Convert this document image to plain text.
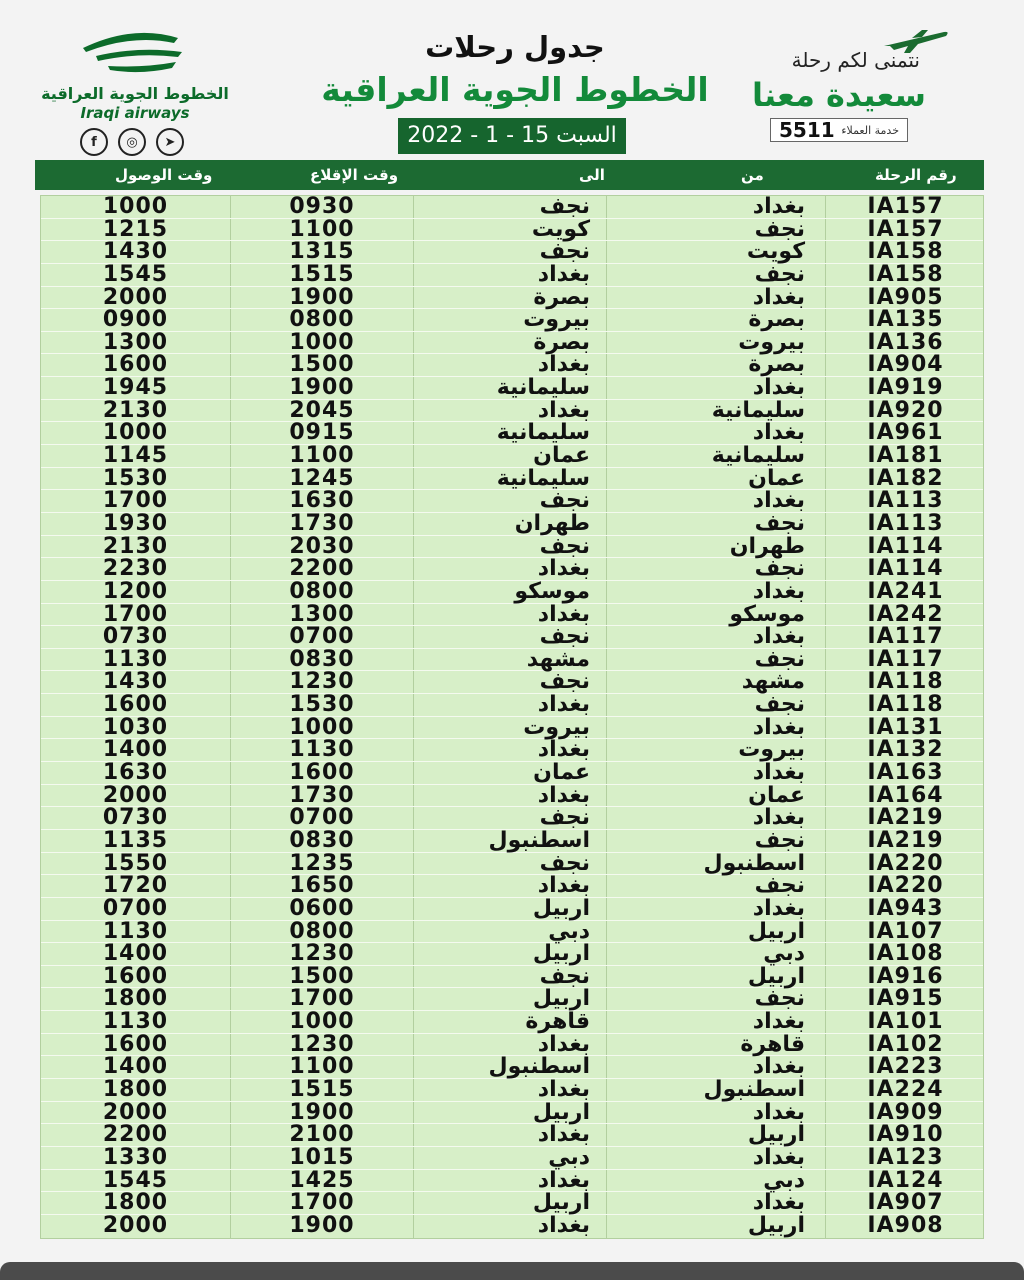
الخطوط الجوية العراقية
Iraqi airways
f	◎	➤
جدول رحلات
الخطوط الجوية العراقية
السبت 15 - 1 - 2022
نتمنى لكم رحلة
سعيدة معنا
5511 خدمة العملاء
وقت الوصول	وقت الإقلاع	الى	من	رقم الرحلة
1000	0930	نجف	بغداد	IA157
1215	1100	كويت	نجف	IA157
1430	1315	نجف	كويت	IA158
1545	1515	بغداد	نجف	IA158
2000	1900	بصرة	بغداد	IA905
0900	0800	بيروت	بصرة	IA135
1300	1000	بصرة	بيروت	IA136
1600	1500	بغداد	بصرة	IA904
1945	1900	سليمانية	بغداد	IA919
2130	2045	بغداد	سليمانية	IA920
1000	0915	سليمانية	بغداد	IA961
1145	1100	عمان	سليمانية	IA181
1530	1245	سليمانية	عمان	IA182
1700	1630	نجف	بغداد	IA113
1930	1730	طهران	نجف	IA113
2130	2030	نجف	طهران	IA114
2230	2200	بغداد	نجف	IA114
1200	0800	موسكو	بغداد	IA241
1700	1300	بغداد	موسكو	IA242
0730	0700	نجف	بغداد	IA117
1130	0830	مشهد	نجف	IA117
1430	1230	نجف	مشهد	IA118
1600	1530	بغداد	نجف	IA118
1030	1000	بيروت	بغداد	IA131
1400	1130	بغداد	بيروت	IA132
1630	1600	عمان	بغداد	IA163
2000	1730	بغداد	عمان	IA164
0730	0700	نجف	بغداد	IA219
1135	0830	اسطنبول	نجف	IA219
1550	1235	نجف	اسطنبول	IA220
1720	1650	بغداد	نجف	IA220
0700	0600	اربيل	بغداد	IA943
1130	0800	دبي	اربيل	IA107
1400	1230	اربيل	دبي	IA108
1600	1500	نجف	اربيل	IA916
1800	1700	اربيل	نجف	IA915
1130	1000	قاهرة	بغداد	IA101
1600	1230	بغداد	قاهرة	IA102
1400	1100	اسطنبول	بغداد	IA223
1800	1515	بغداد	اسطنبول	IA224
2000	1900	اربيل	بغداد	IA909
2200	2100	بغداد	اربيل	IA910
1330	1015	دبي	بغداد	IA123
1545	1425	بغداد	دبي	IA124
1800	1700	اربيل	بغداد	IA907
2000	1900	بغداد	اربيل	IA908
